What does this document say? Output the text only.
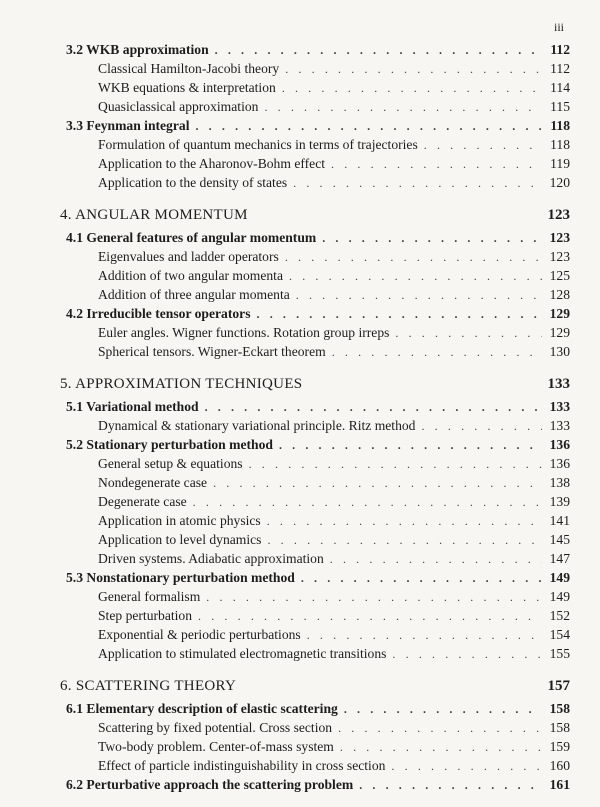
iii
3.2 WKB approximation . . .	112
Classical Hamilton-Jacobi theory . . .	112
WKB equations & interpretation . . .	114
Quasiclassical approximation . . .	115
3.3 Feynman integral . . .	118
Formulation of quantum mechanics in terms of trajectories . . .	118
Application to the Aharonov-Bohm effect . . .	119
Application to the density of states . . .	120
4. ANGULAR MOMENTUM	123
4.1 General features of angular momentum . . .	123
Eigenvalues and ladder operators . . .	123
Addition of two angular momenta . . .	125
Addition of three angular momenta . . .	128
4.2 Irreducible tensor operators . . .	129
Euler angles. Wigner functions. Rotation group irreps . . .	129
Spherical tensors. Wigner-Eckart theorem . . .	130
5. APPROXIMATION TECHNIQUES	133
5.1 Variational method . . .	133
Dynamical & stationary variational principle. Ritz method . . .	133
5.2 Stationary perturbation method . . .	136
General setup & equations . . .	136
Nondegenerate case . . .	138
Degenerate case . . .	139
Application in atomic physics . . .	141
Application to level dynamics . . .	145
Driven systems. Adiabatic approximation . . .	147
5.3 Nonstationary perturbation method . . .	149
General formalism . . .	149
Step perturbation . . .	152
Exponential & periodic perturbations . . .	154
Application to stimulated electromagnetic transitions . . .	155
6. SCATTERING THEORY	157
6.1 Elementary description of elastic scattering . . .	158
Scattering by fixed potential. Cross section . . .	158
Two-body problem. Center-of-mass system . . .	159
Effect of particle indistinguishability in cross section . . .	160
6.2 Perturbative approach the scattering problem . . .	161
